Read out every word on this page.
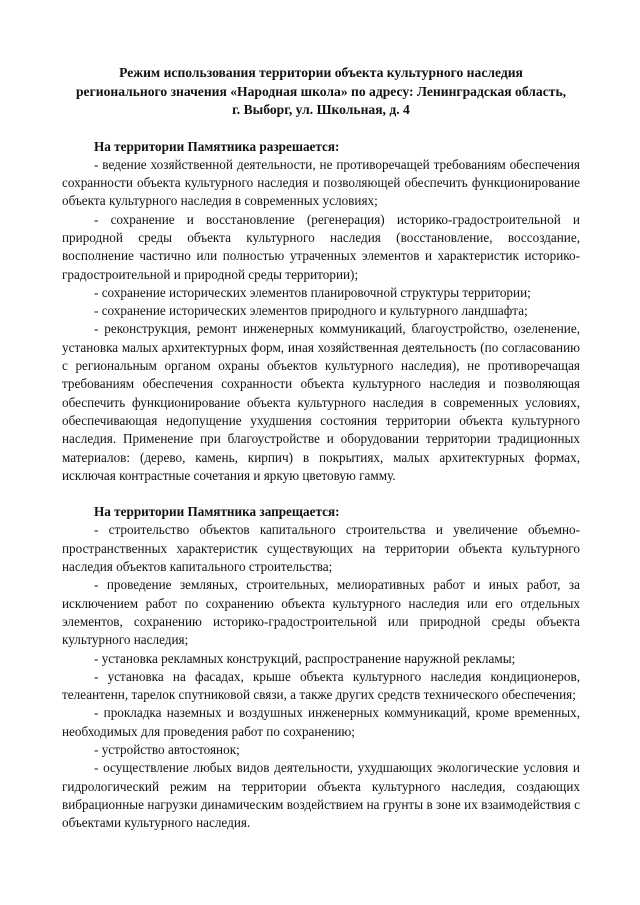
Режим использования территории объекта культурного наследия
регионального значения «Народная школа» по адресу: Ленинградская область,
г. Выборг, ул. Школьная, д. 4

На территории Памятника разрешается:

- ведение хозяйственной деятельности, не противоречащей требованиям обеспечения сохранности объекта культурного наследия и позволяющей обеспечить функционирование объекта культурного наследия в современных условиях;

- сохранение и восстановление (регенерация) историко-градостроительной и природной среды объекта культурного наследия (восстановление, воссоздание, восполнение частично или полностью утраченных элементов и характеристик историко-градостроительной и природной среды территории);

- сохранение исторических элементов планировочной структуры территории;

- сохранение исторических элементов природного и культурного ландшафта;

- реконструкция, ремонт инженерных коммуникаций, благоустройство, озеленение, установка малых архитектурных форм, иная хозяйственная деятельность (по согласованию с региональным органом охраны объектов культурного наследия), не противоречащая требованиям обеспечения сохранности объекта культурного наследия и позволяющая обеспечить функционирование объекта культурного наследия в современных условиях, обеспечивающая недопущение ухудшения состояния территории объекта культурного наследия. Применение при благоустройстве и оборудовании территории традиционных материалов: (дерево, камень, кирпич) в покрытиях, малых архитектурных формах, исключая контрастные сочетания и яркую цветовую гамму.

На территории Памятника запрещается:

- строительство объектов капитального строительства и увеличение объемно-пространственных характеристик существующих на территории объекта культурного наследия объектов капитального строительства;

- проведение земляных, строительных, мелиоративных работ и иных работ, за исключением работ по сохранению объекта культурного наследия или его отдельных элементов, сохранению историко-градостроительной или природной среды объекта культурного наследия;

- установка рекламных конструкций, распространение наружной рекламы;

- установка на фасадах, крыше объекта культурного наследия кондиционеров, телеантенн, тарелок спутниковой связи, а также других средств технического обеспечения;

- прокладка наземных и воздушных инженерных коммуникаций, кроме временных, необходимых для проведения работ по сохранению;

- устройство автостоянок;

- осуществление любых видов деятельности, ухудшающих экологические условия и гидрологический режим на территории объекта культурного наследия, создающих вибрационные нагрузки динамическим воздействием на грунты в зоне их взаимодействия с объектами культурного наследия.
